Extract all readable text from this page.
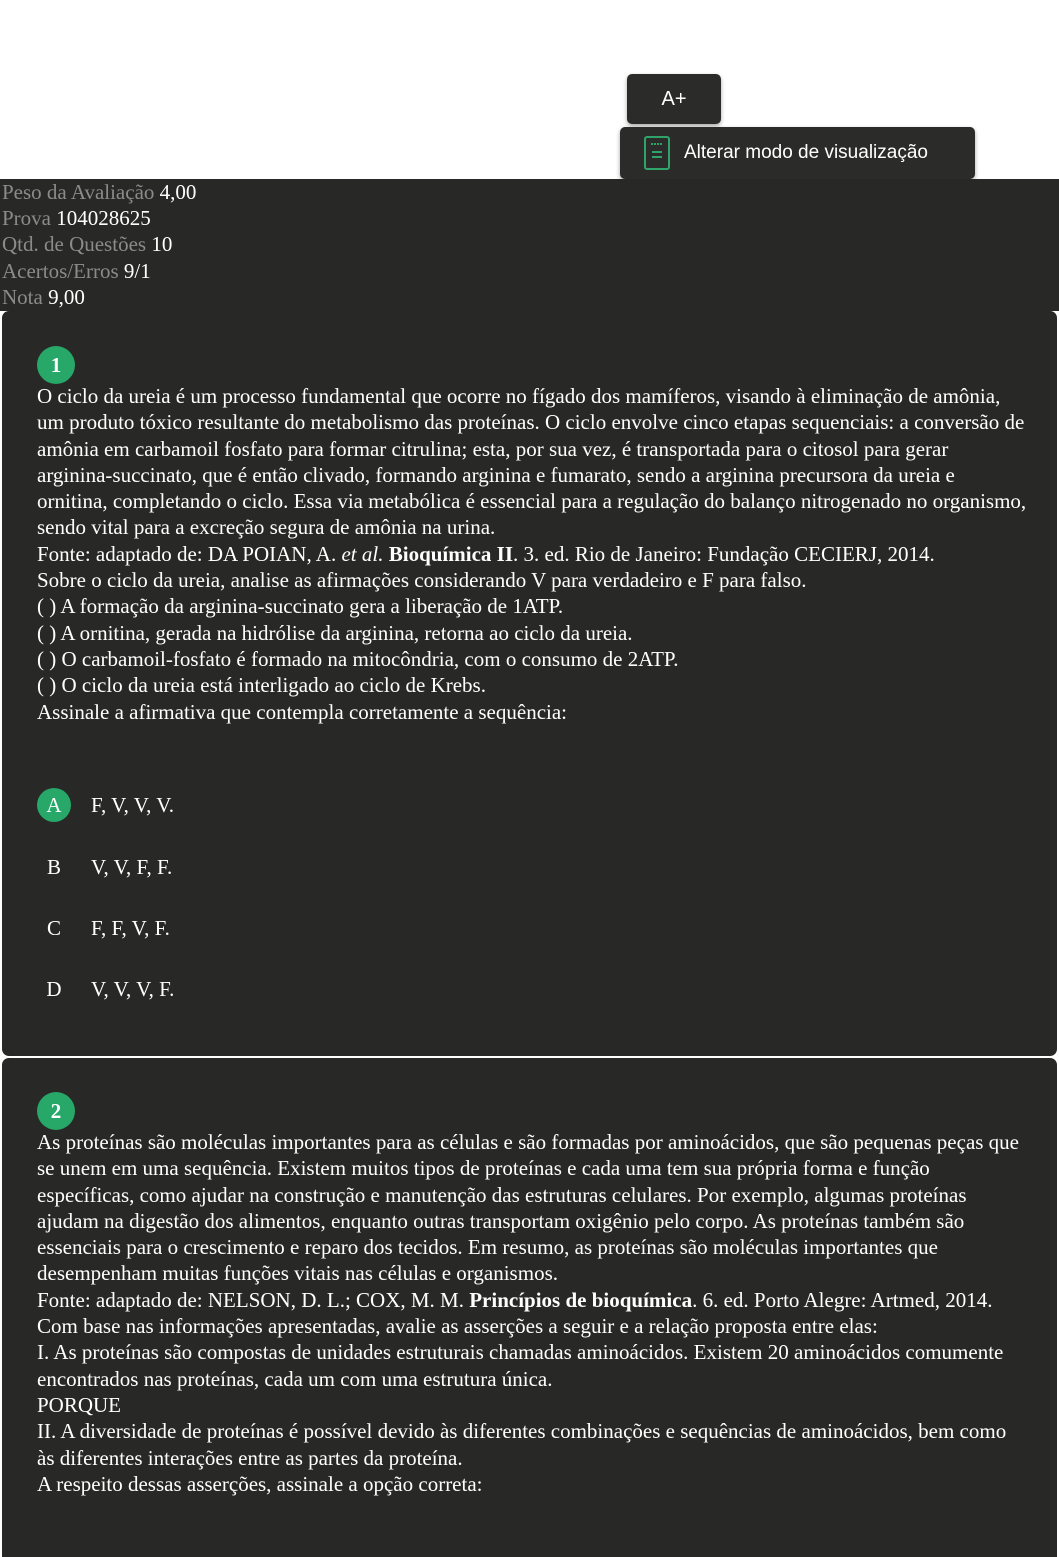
A+
Alterar modo de visualização
Peso da Avaliação 4,00
Prova 104028625
Qtd. de Questões 10
Acertos/Erros 9/1
Nota 9,00
1

O ciclo da ureia é um processo fundamental que ocorre no fígado dos mamíferos, visando à eliminação de amônia, um produto tóxico resultante do metabolismo das proteínas. O ciclo envolve cinco etapas sequenciais: a conversão de amônia em carbamoil fosfato para formar citrulina; esta, por sua vez, é transportada para o citosol para gerar arginina-succinato, que é então clivado, formando arginina e fumarato, sendo a arginina precursora da ureia e ornitina, completando o ciclo. Essa via metabólica é essencial para a regulação do balanço nitrogenado no organismo, sendo vital para a excreção segura de amônia na urina.

Fonte: adaptado de: DA POIAN, A. et al. Bioquímica II. 3. ed. Rio de Janeiro: Fundação CECIERJ, 2014.

Sobre o ciclo da ureia, analise as afirmações considerando V para verdadeiro e F para falso.

( ) A formação da arginina-succinato gera a liberação de 1ATP.

( ) A ornitina, gerada na hidrólise da arginina, retorna ao ciclo da ureia.

( ) O carbamoil-fosfato é formado na mitocôndria, com o consumo de 2ATP.

( ) O ciclo da ureia está interligado ao ciclo de Krebs.

Assinale a afirmativa que contempla corretamente a sequência:

A	F, V, V, V.
B	V, V, F, F.
C	F, F, V, F.
D	V, V, V, F.
2

As proteínas são moléculas importantes para as células e são formadas por aminoácidos, que são pequenas peças que se unem em uma sequência. Existem muitos tipos de proteínas e cada uma tem sua própria forma e função específicas, como ajudar na construção e manutenção das estruturas celulares. Por exemplo, algumas proteínas ajudam na digestão dos alimentos, enquanto outras transportam oxigênio pelo corpo. As proteínas também são essenciais para o crescimento e reparo dos tecidos. Em resumo, as proteínas são moléculas importantes que desempenham muitas funções vitais nas células e organismos.

Fonte: adaptado de: NELSON, D. L.; COX, M. M. Princípios de bioquímica. 6. ed. Porto Alegre: Artmed, 2014.

Com base nas informações apresentadas, avalie as asserções a seguir e a relação proposta entre elas:

I. As proteínas são compostas de unidades estruturais chamadas aminoácidos. Existem 20 aminoácidos comumente encontrados nas proteínas, cada um com uma estrutura única.

PORQUE

II. A diversidade de proteínas é possível devido às diferentes combinações e sequências de aminoácidos, bem como às diferentes interações entre as partes da proteína.

A respeito dessas asserções, assinale a opção correta:
